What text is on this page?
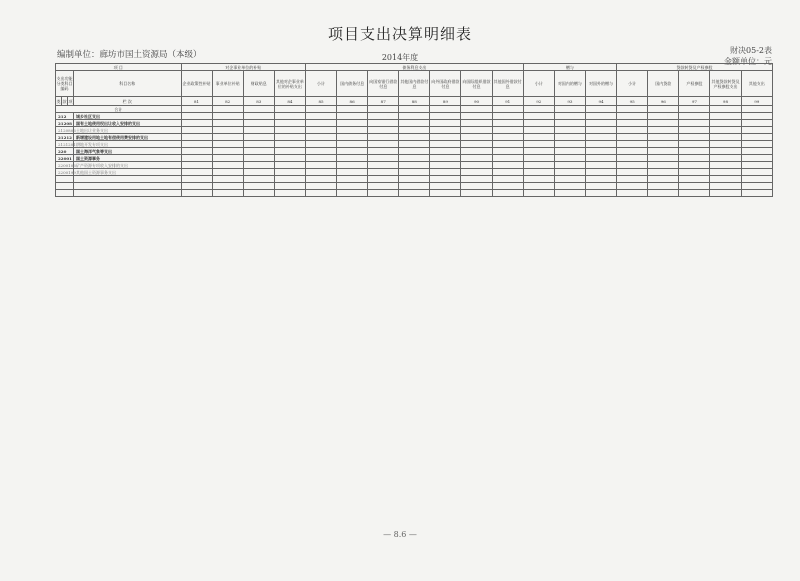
项目支出决算明细表
编制单位：廊坊市国土资源局（本级）	2014年度
财决05-2表
金额单位：元
项 目				对企事业单位的补贴				债务利息支出							赠与			贷款转贷及产权参股				
支出功能分类科目编码			科目名称	企业政策性补贴	事业单位补贴	财政贴息	其他对企事业单位的补贴支出	小计	国内债务付息	向国家银行借款付息	其他国内借款付息	向外国政府借款付息	向国际组织借款付息	其他国外借款付息	小计	对国内的赠与	对国外的赠与	小计	国内贷款	产权参股	其他贷款转贷及产权参股支出	其他支出
类	款	项	栏 次	81	82	83	84	85	86	87	88	89	90	91	92	93	94	95	96	97	98	99
合计																						
212			城乡社区支出																			
21208			国有土地使用权出让收入安排的支出																			
2120806			土地出让业务支出																			
21212			新增建设用地土地有偿使用费安排的支出																			
2121201			耕地开发专项支出																			
220			国土海洋气象等支出																			
22001			国土资源事务																			
2200106			矿产资源专项收入安排的支出																			
2200199			其他国土资源事务支出																			

— 8.6 —
